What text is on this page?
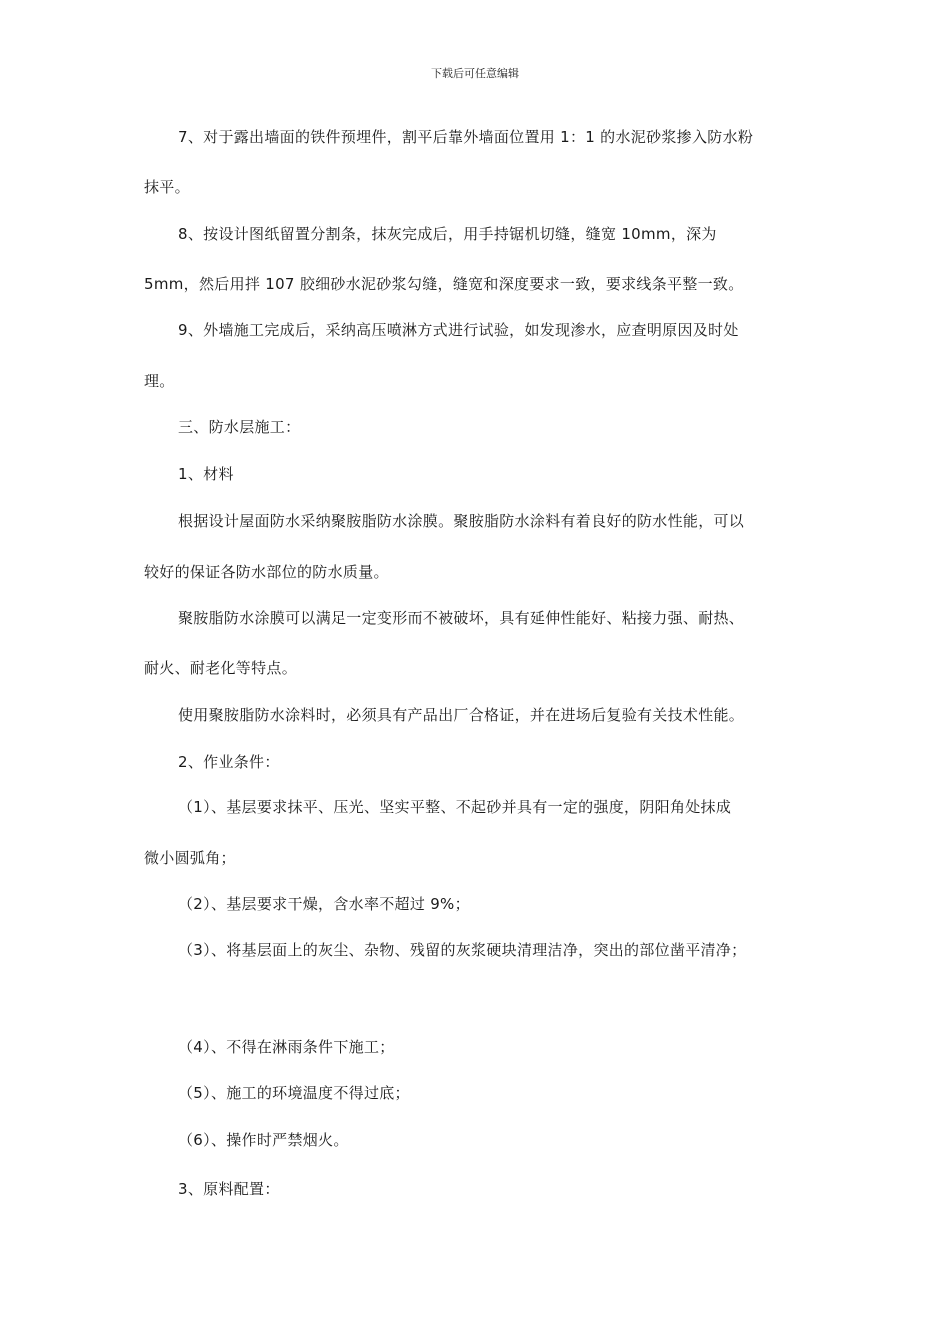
下载后可任意编辑
7、对于露出墙面的铁件预埋件，割平后靠外墙面位置用 1：1 的水泥砂浆掺入防水粉
抹平。
8、按设计图纸留置分割条，抹灰完成后，用手持锯机切缝，缝宽 10mm，深为
5mm，然后用拌 107 胶细砂水泥砂浆勾缝，缝宽和深度要求一致，要求线条平整一致。
9、外墙施工完成后，采纳高压喷淋方式进行试验，如发现渗水，应查明原因及时处
理。
三、防水层施工：
1、材料
根据设计屋面防水采纳聚胺脂防水涂膜。聚胺脂防水涂料有着良好的防水性能，可以
较好的保证各防水部位的防水质量。
聚胺脂防水涂膜可以满足一定变形而不被破坏，具有延伸性能好、粘接力强、耐热、
耐火、耐老化等特点。
使用聚胺脂防水涂料时，必须具有产品出厂合格证，并在进场后复验有关技术性能。
2、作业条件：
（1）、基层要求抹平、压光、坚实平整、不起砂并具有一定的强度，阴阳角处抹成
微小圆弧角；
（2）、基层要求干燥，含水率不超过 9%；
（3）、将基层面上的灰尘、杂物、残留的灰浆硬块清理洁净，突出的部位凿平清净；
（4）、不得在淋雨条件下施工；
（5）、施工的环境温度不得过底；
（6）、操作时严禁烟火。
3、原料配置：
